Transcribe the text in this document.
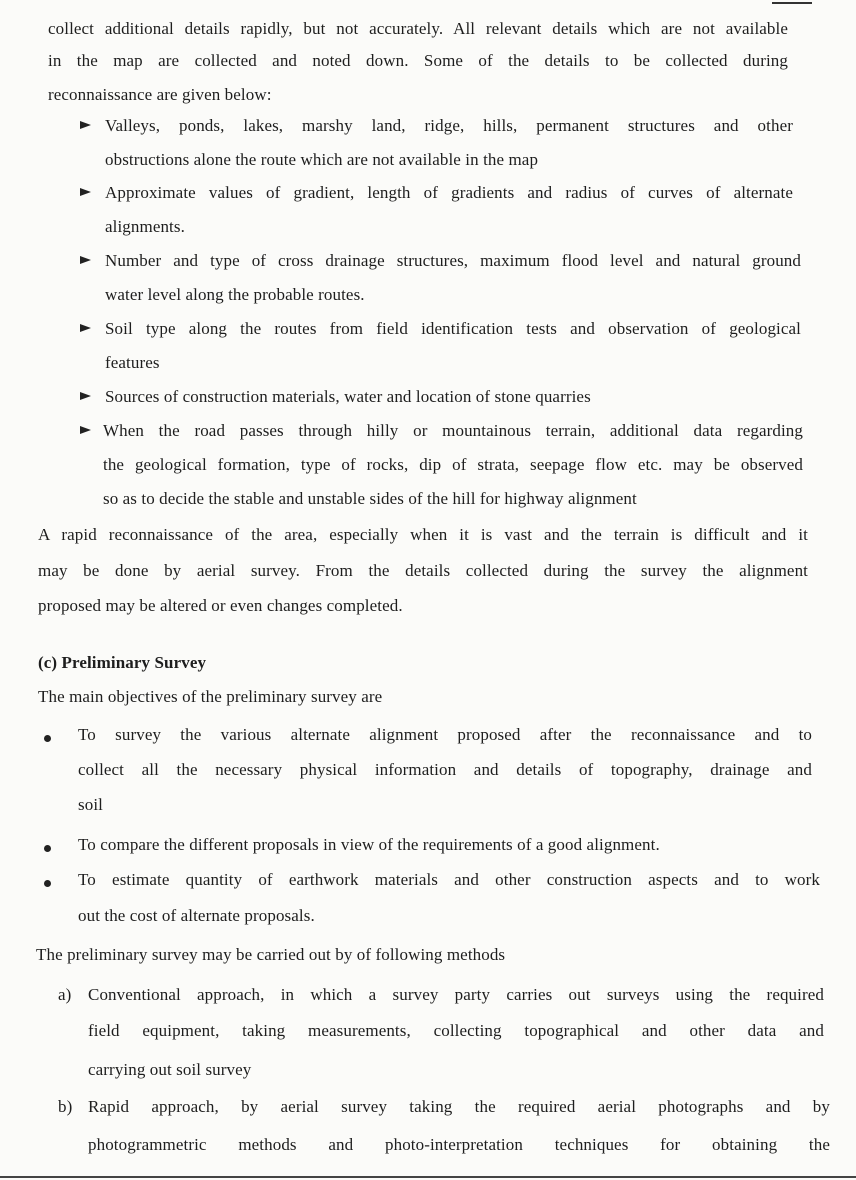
collect additional details rapidly, but not accurately. All relevant details which are not available
in the map are collected and noted down. Some of the details to be collected during
reconnaissance are given below:
Valleys, ponds, lakes, marshy land, ridge, hills, permanent structures and other
obstructions alone the route which are not available in the map
Approximate values of gradient, length of gradients and radius of curves of alternate
alignments.
Number and type of cross drainage structures, maximum flood level and natural ground
water level along the probable routes.
Soil type along the routes from field identification tests and observation of geological
features
Sources of construction materials, water and location of stone quarries
When the road passes through hilly or mountainous terrain, additional data regarding
the geological formation, type of rocks, dip of strata, seepage flow etc. may be observed
so as to decide the stable and unstable sides of the hill for highway alignment
A rapid reconnaissance of the area, especially when it is vast and the terrain is difficult and it
may be done by aerial survey. From the details collected during the survey the alignment
proposed may be altered or even changes completed.
(c) Preliminary Survey
The main objectives of the preliminary survey are
To survey the various alternate alignment proposed after the reconnaissance and to
collect all the necessary physical information and details of topography, drainage and
soil
To compare the different proposals in view of the requirements of a good alignment.
To estimate quantity of earthwork materials and other construction aspects and to work
out the cost of alternate proposals.
The preliminary survey may be carried out by of following methods
a) Conventional approach, in which a survey party carries out surveys using the required
field equipment, taking measurements, collecting topographical and other data and
carrying out soil survey
b) Rapid approach, by aerial survey taking the required aerial photographs and by
photogrammetric methods and photo-interpretation techniques for obtaining the
